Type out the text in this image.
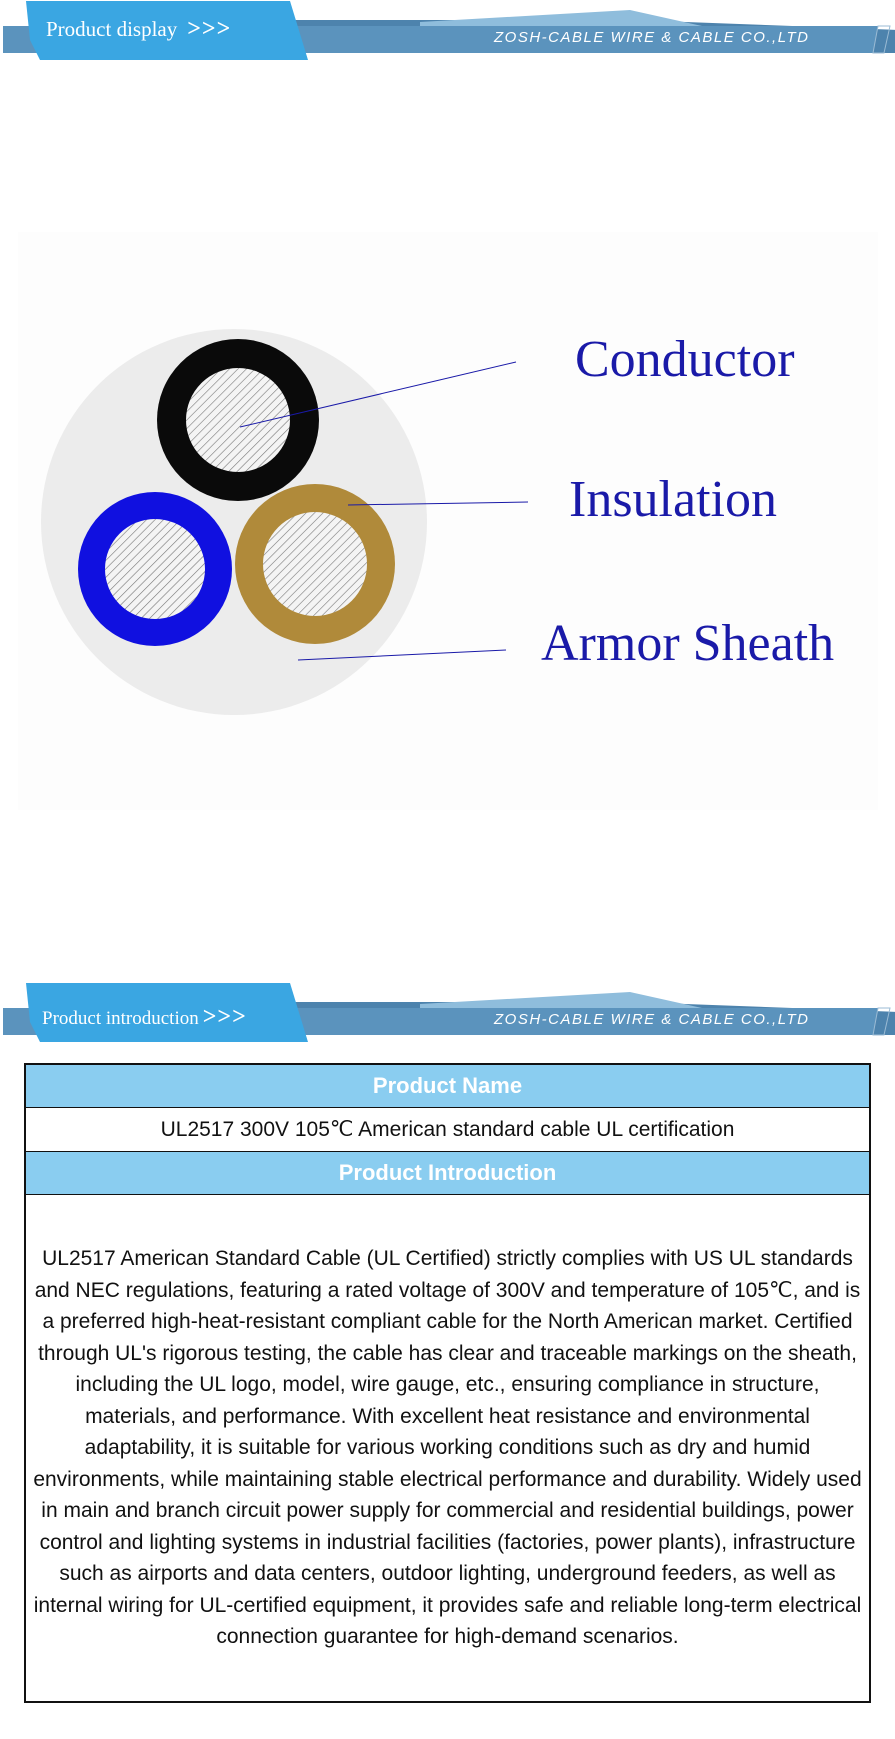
Product display >>>	ZOSH-CABLE WIRE & CABLE CO.,LTD
Conductor
Insulation
Armor Sheath
Product introduction >>>	ZOSH-CABLE WIRE & CABLE CO.,LTD
Product Name
UL2517 300V 105℃ American standard cable UL certification
Product Introduction
UL2517 American Standard Cable (UL Certified) strictly complies with US UL standards and NEC regulations, featuring a rated voltage of 300V and temperature of 105℃, and is a preferred high-heat-resistant compliant cable for the North American market. Certified through UL's rigorous testing, the cable has clear and traceable markings on the sheath, including the UL logo, model, wire gauge, etc., ensuring compliance in structure, materials, and performance. With excellent heat resistance and environmental adaptability, it is suitable for various working conditions such as dry and humid environments, while maintaining stable electrical performance and durability. Widely used in main and branch circuit power supply for commercial and residential buildings, power control and lighting systems in industrial facilities (factories, power plants), infrastructure such as airports and data centers, outdoor lighting, underground feeders, as well as internal wiring for UL-certified equipment, it provides safe and reliable long-term electrical connection guarantee for high-demand scenarios.
